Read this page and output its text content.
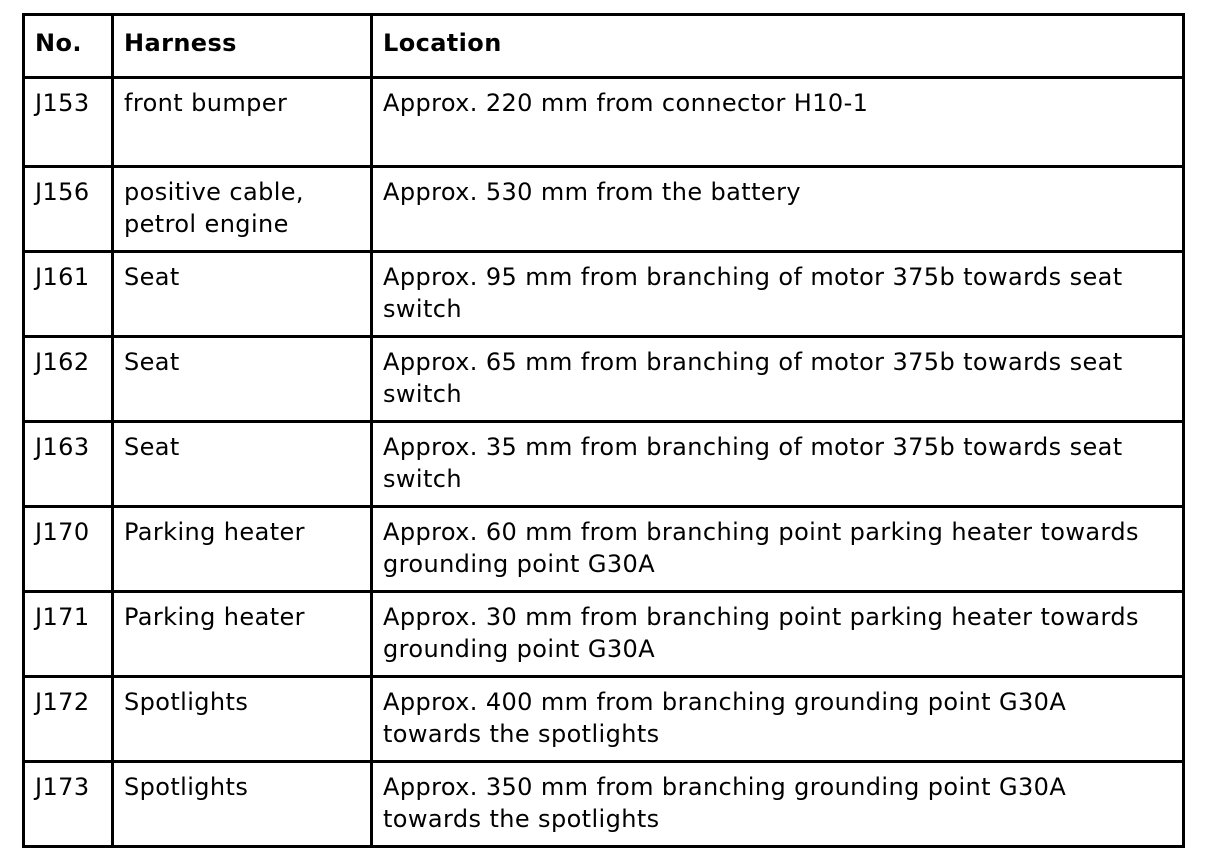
No.	Harness	Location
J153	front bumper	Approx. 220 mm from connector H10-1
J156	positive cable, petrol engine	Approx. 530 mm from the battery
J161	Seat	Approx. 95 mm from branching of motor 375b towards seat switch
J162	Seat	Approx. 65 mm from branching of motor 375b towards seat switch
J163	Seat	Approx. 35 mm from branching of motor 375b towards seat switch
J170	Parking heater	Approx. 60 mm from branching point parking heater towards grounding point G30A
J171	Parking heater	Approx. 30 mm from branching point parking heater towards grounding point G30A
J172	Spotlights	Approx. 400 mm from branching grounding point G30A towards the spotlights
J173	Spotlights	Approx. 350 mm from branching grounding point G30A towards the spotlights
